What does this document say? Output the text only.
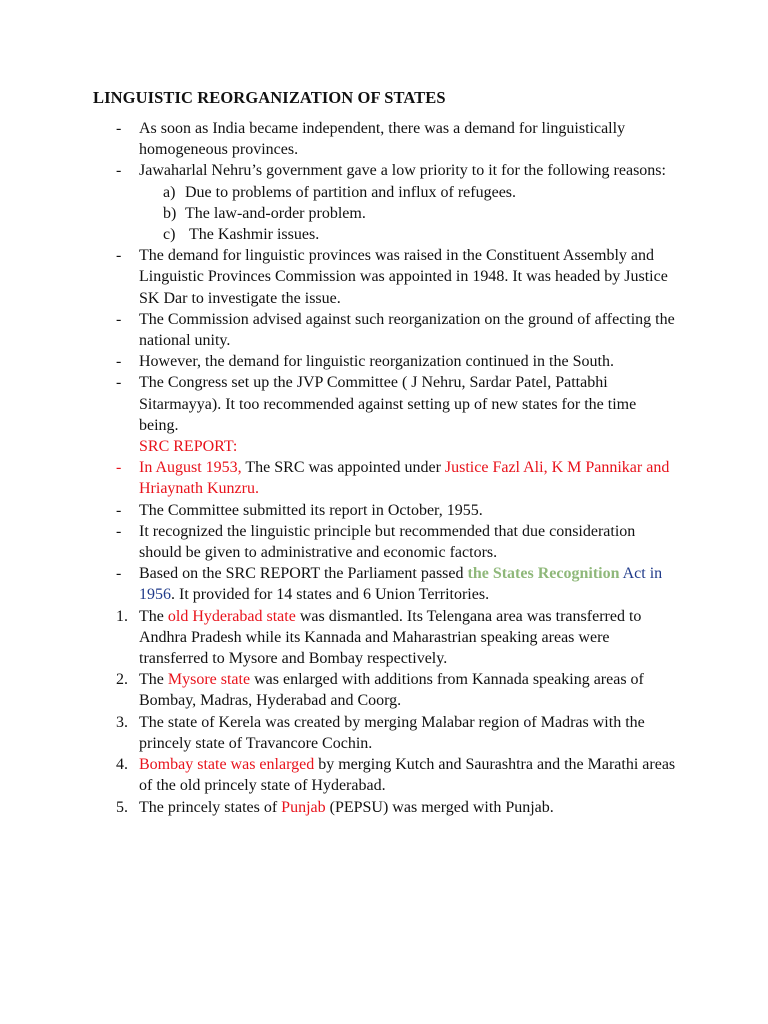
LINGUISTIC REORGANIZATION OF STATES
-	As soon as India became independent, there was a demand for linguistically homogeneous provinces.
-	Jawaharlal Nehru’s government gave a low priority to it for the following reasons:
a) Due to problems of partition and influx of refugees.
b) The law-and-order problem.
c) The Kashmir issues.
-	The demand for linguistic provinces was raised in the Constituent Assembly and Linguistic Provinces Commission was appointed in 1948. It was headed by Justice SK Dar to investigate the issue.
-	The Commission advised against such reorganization on the ground of affecting the national unity.
-	However, the demand for linguistic reorganization continued in the South.
-	The Congress set up the JVP Committee ( J Nehru, Sardar Patel, Pattabhi Sitarmayya). It too recommended against setting up of new states for the time being.
SRC REPORT:
-	In August 1953, The SRC was appointed under Justice Fazl Ali, K M Pannikar and Hriaynath Kunzru.
-	The Committee submitted its report in October, 1955.
-	It recognized the linguistic principle but recommended that due consideration should be given to administrative and economic factors.
-	Based on the SRC REPORT the Parliament passed the States Recognition Act in 1956. It provided for 14 states and 6 Union Territories.
1. The old Hyderabad state was dismantled. Its Telengana area was transferred to Andhra Pradesh while its Kannada and Maharastrian speaking areas were transferred to Mysore and Bombay respectively.
2. The Mysore state was enlarged with additions from Kannada speaking areas of Bombay, Madras, Hyderabad and Coorg.
3. The state of Kerela was created by merging Malabar region of Madras with the princely state of Travancore Cochin.
4. Bombay state was enlarged by merging Kutch and Saurashtra and the Marathi areas of the old princely state of Hyderabad.
5. The princely states of Punjab (PEPSU) was merged with Punjab.
